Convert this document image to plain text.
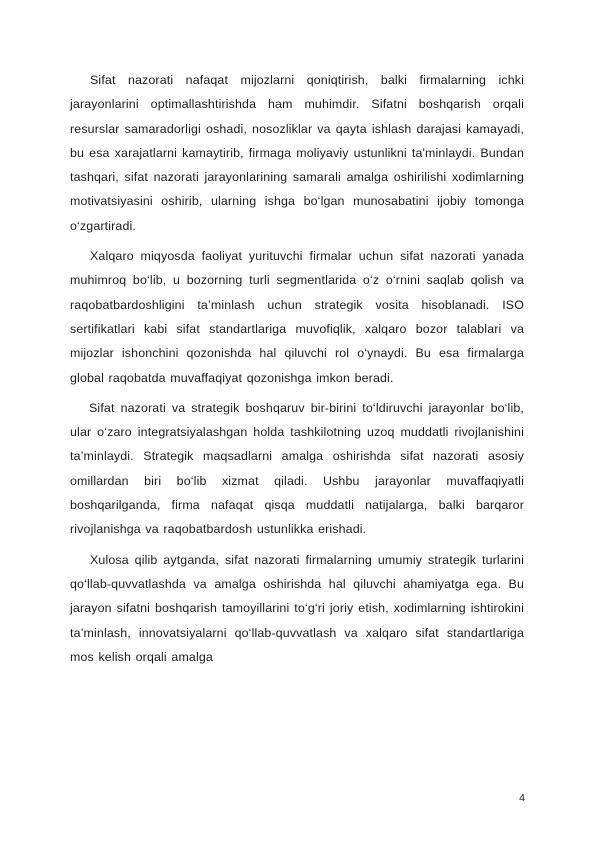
Sifat nazorati nafaqat mijozlarni qoniqtirish, balki firmalarning ichki jarayonlarini optimallashtirishda ham muhimdir. Sifatni boshqarish orqali resurslar samaradorligi oshadi, nosozliklar va qayta ishlash darajasi kamayadi, bu esa xarajatlarni kamaytirib, firmaga moliyaviy ustunlikni ta'minlaydi. Bundan tashqari, sifat nazorati jarayonlarining samarali amalga oshirilishi xodimlarning motivatsiyasini oshirib, ularning ishga bo‘lgan munosabatini ijobiy tomonga o‘zgartiradi.

Xalqaro miqyosda faoliyat yurituvchi firmalar uchun sifat nazorati yanada muhimroq bo‘lib, u bozorning turli segmentlarida o‘z o‘rnini saqlab qolish va raqobatbardoshligini ta’minlash uchun strategik vosita hisoblanadi. ISO sertifikatlari kabi sifat standartlariga muvofiqlik, xalqaro bozor talablari va mijozlar ishonchini qozonishda hal qiluvchi rol o‘ynaydi. Bu esa firmalarga global raqobatda muvaffaqiyat qozonishga imkon beradi.

Sifat nazorati va strategik boshqaruv bir-birini to‘ldiruvchi jarayonlar bo‘lib, ular o‘zaro integratsiyalashgan holda tashkilotning uzoq muddatli rivojlanishini ta’minlaydi. Strategik maqsadlarni amalga oshirishda sifat nazorati asosiy omillardan biri bo‘lib xizmat qiladi. Ushbu jarayonlar muvaffaqiyatli boshqarilganda, firma nafaqat qisqa muddatli natijalarga, balki barqaror rivojlanishga va raqobatbardosh ustunlikka erishadi.

Xulosa qilib aytganda, sifat nazorati firmalarning umumiy strategik turlarini qo‘llab-quvvatlashda va amalga oshirishda hal qiluvchi ahamiyatga ega. Bu jarayon sifatni boshqarish tamoyillarini to‘g‘ri joriy etish, xodimlarning ishtirokini ta’minlash, innovatsiyalarni qo‘llab-quvvatlash va xalqaro sifat standartlariga mos kelish orqali amalga

4
